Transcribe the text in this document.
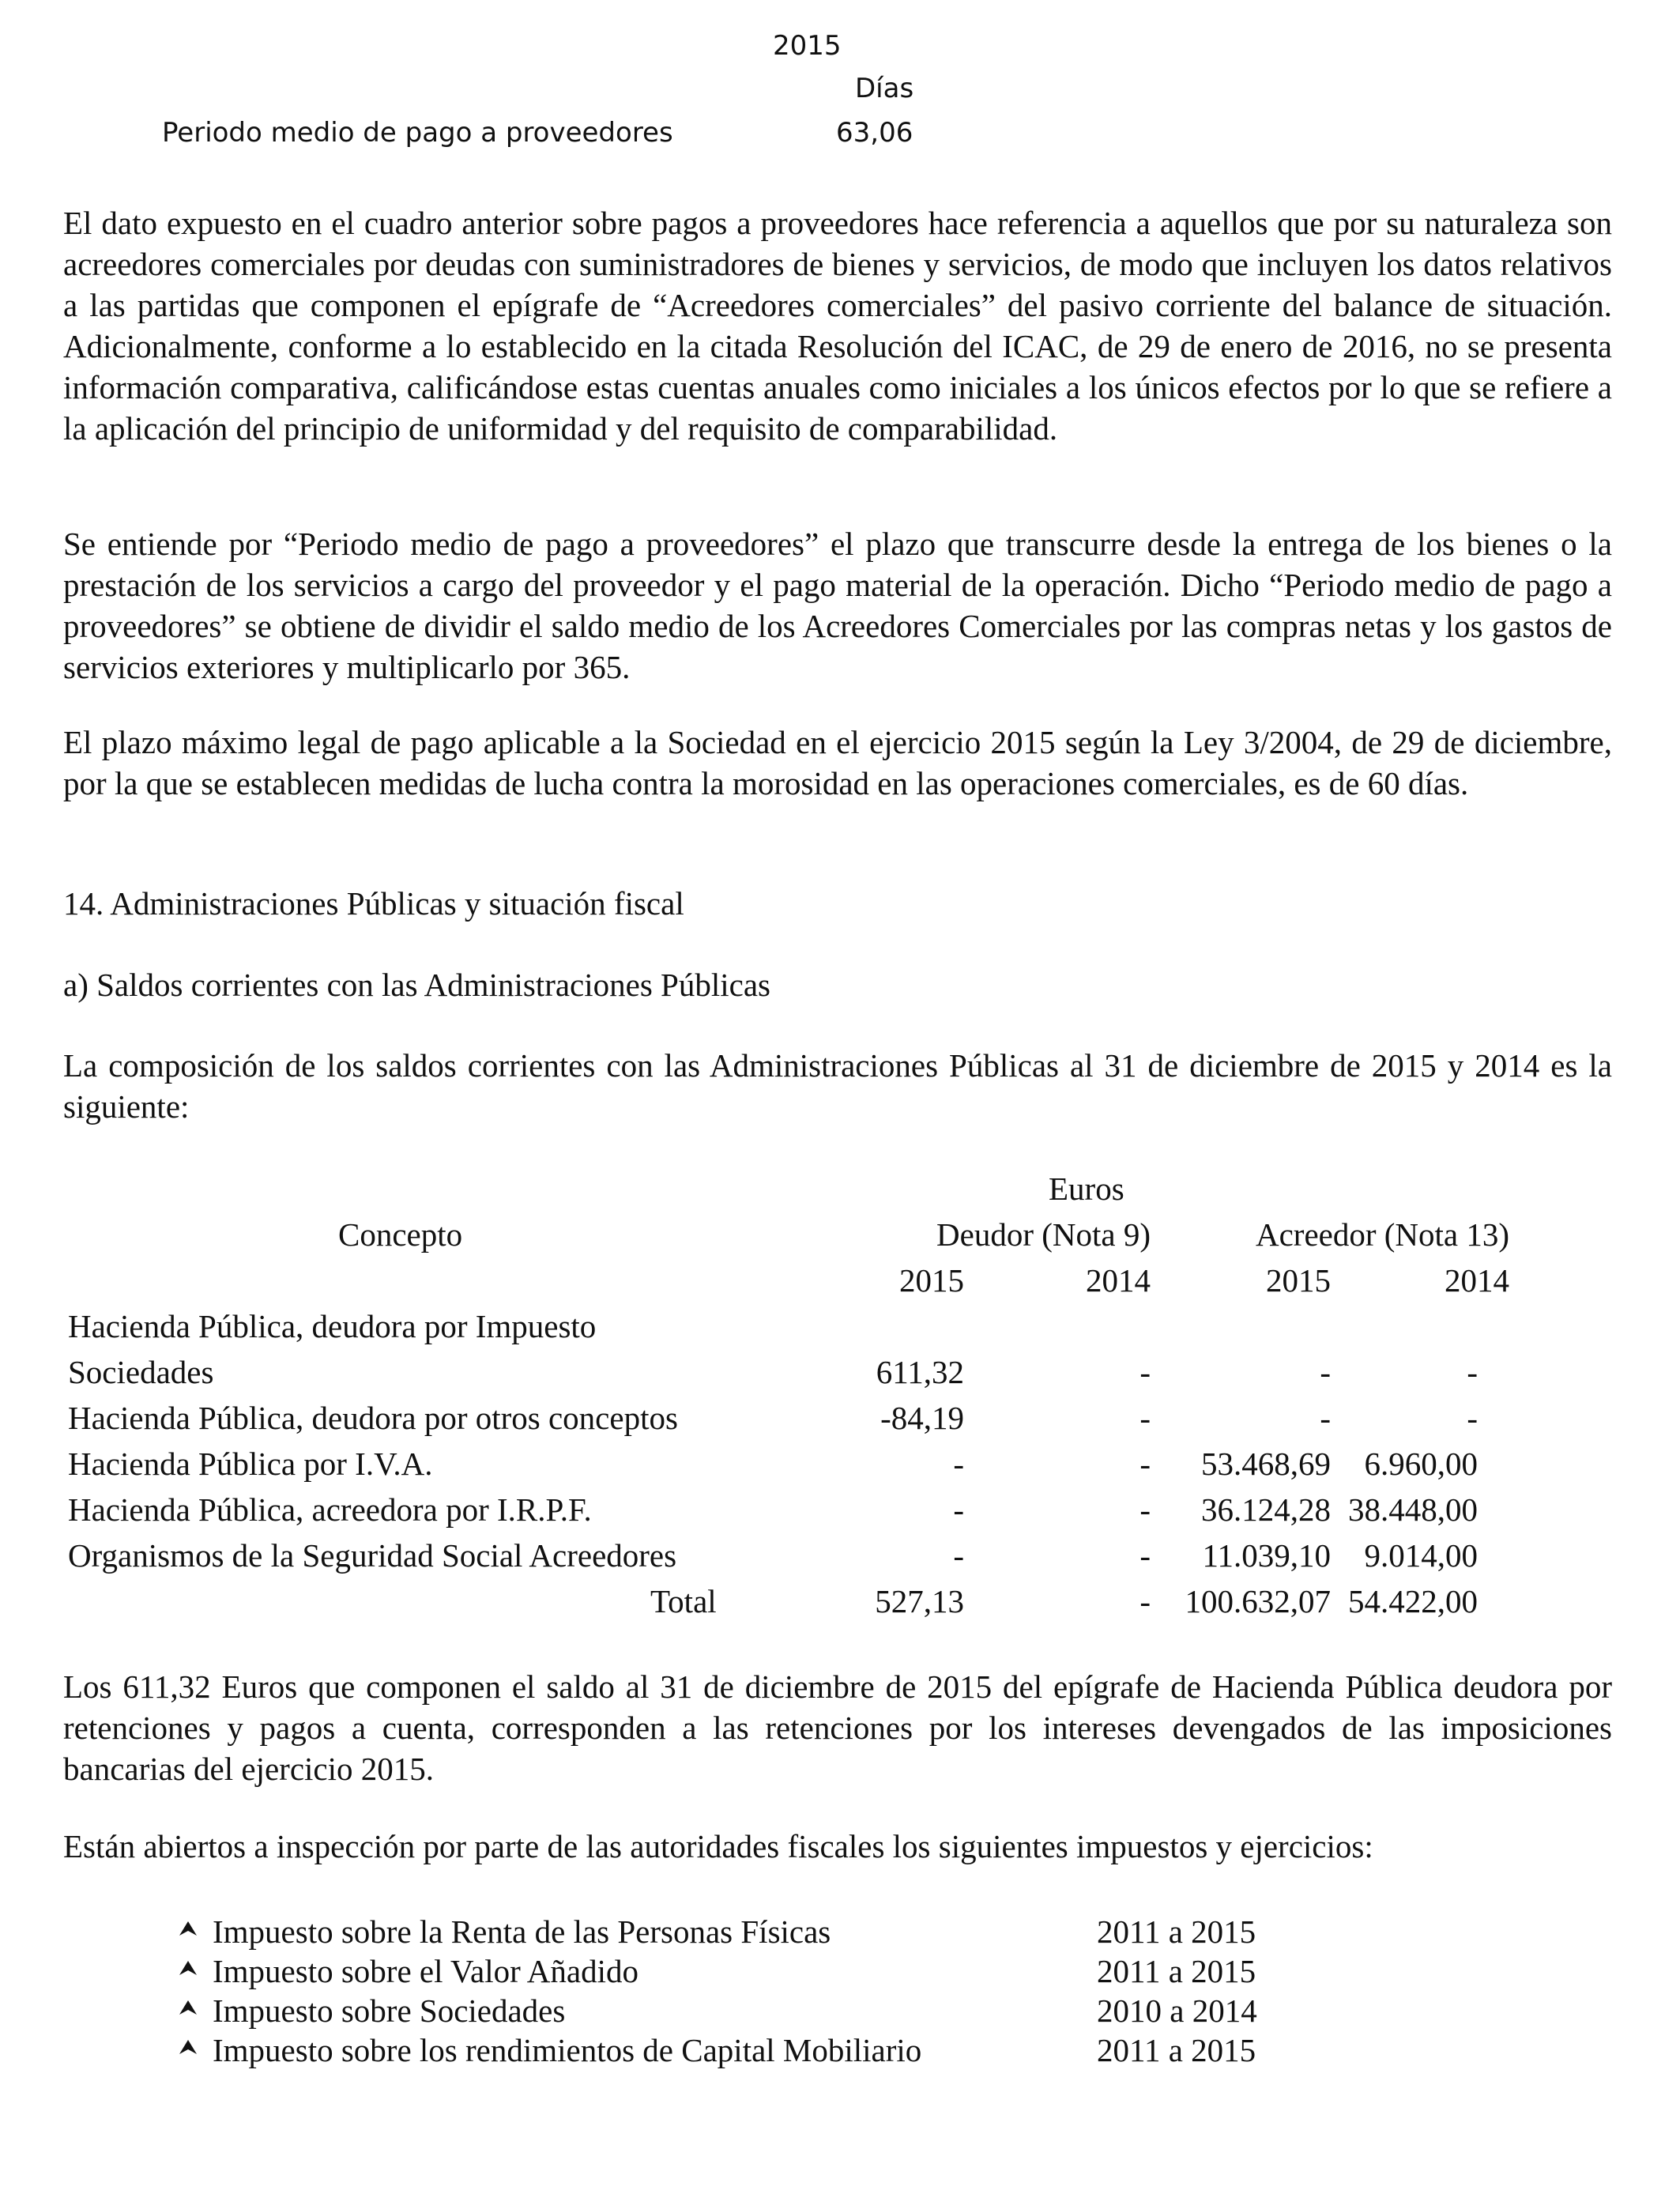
2015
Días
Periodo medio de pago a proveedores	63,06

El dato expuesto en el cuadro anterior sobre pagos a proveedores hace referencia a aquellos que por su naturaleza son acreedores comerciales por deudas con suministradores de bienes y servicios, de modo que incluyen los datos relativos a las partidas que componen el epígrafe de “Acreedores comerciales” del pasivo corriente del balance de situación. Adicionalmente, conforme a lo establecido en la citada Resolución del ICAC, de 29 de enero de 2016, no se presenta información comparativa, calificándose estas cuentas anuales como iniciales a los únicos efectos por lo que se refiere a la aplicación del principio de uniformidad y del requisito de comparabilidad.

Se entiende por “Periodo medio de pago a proveedores” el plazo que transcurre desde la entrega de los bienes o la prestación de los servicios a cargo del proveedor y el pago material de la operación. Dicho “Periodo medio de pago a proveedores” se obtiene de dividir el saldo medio de los Acreedores Comerciales por las compras netas y los gastos de servicios exteriores y multiplicarlo por 365.

El plazo máximo legal de pago aplicable a la Sociedad en el ejercicio 2015 según la Ley 3/2004, de 29 de diciembre, por la que se establecen medidas de lucha contra la morosidad en las operaciones comerciales, es de 60 días.

14. Administraciones Públicas y situación fiscal
a) Saldos corrientes con las Administraciones Públicas

La composición de los saldos corrientes con las Administraciones Públicas al 31 de diciembre de 2015 y 2014 es la siguiente:

Euros
Concepto	Deudor (Nota 9)	Acreedor (Nota 13)
2015	2014	2015	2014
Hacienda Pública, deudora por Impuesto
Sociedades	611,32	-	-	-
Hacienda Pública, deudora por otros conceptos	-84,19	-	-	-
Hacienda Pública por I.V.A.	-	- 53.468,69 6.960,00
Hacienda Pública, acreedora por I.R.P.F.	-	- 36.124,28 38.448,00
Organismos de la Seguridad Social Acreedores	-	- 11.039,10 9.014,00
Total	527,13	- 100.632,07 54.422,00

Los 611,32 Euros que componen el saldo al 31 de diciembre de 2015 del epígrafe de Hacienda Pública deudora por retenciones y pagos a cuenta, corresponden a las retenciones por los intereses devengados de las imposiciones bancarias del ejercicio 2015.

Están abiertos a inspección por parte de las autoridades fiscales los siguientes impuestos y ejercicios:

Impuesto sobre la Renta de las Personas Físicas	2011 a 2015
Impuesto sobre el Valor Añadido	2011 a 2015
Impuesto sobre Sociedades	2010 a 2014
Impuesto sobre los rendimientos de Capital Mobiliario	2011 a 2015
